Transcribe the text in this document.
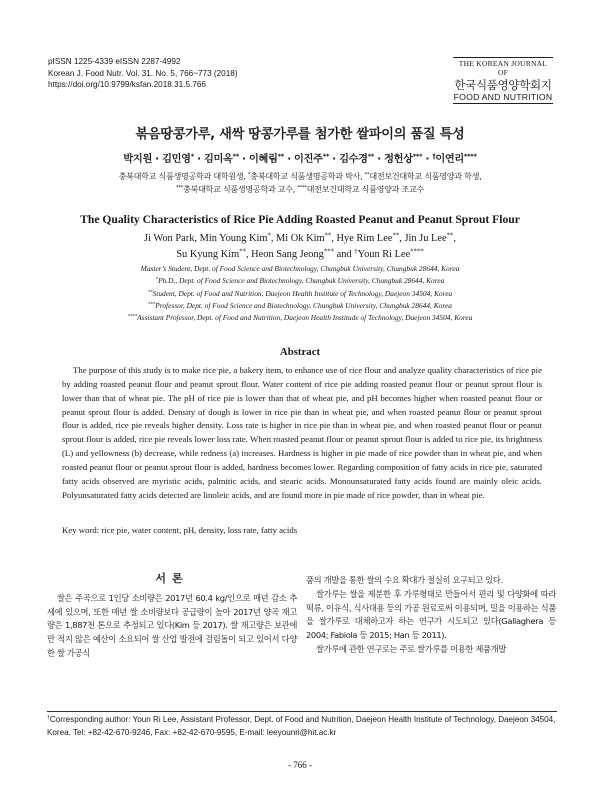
pISSN 1225-4339 eISSN 2287-4992
Korean J. Food Nutr. Vol. 31. No. 5, 766~773 (2018)
https://doi.org/10.9799/ksfan.2018.31.5.766
THE KOREAN JOURNAL OF
한국식품영양학회지
FOOD AND NUTRITION
볶음땅콩가루, 새싹 땅콩가루를 첨가한 쌀파이의 품질 특성
박지원 · 김민영* · 김미옥** · 이혜림** · 이진주** · 김수경** · 정헌상*** · †이연리****
충북대학교 식품생명공학과 대학원생, *충북대학교 식품생명공학과 박사, **대전보건대학교 식품영양과 학생,
***충북대학교 식품생명공학과 교수, ****대전보건대학교 식품영양과 조교수
The Quality Characteristics of Rice Pie Adding Roasted Peanut and Peanut Sprout Flour
Ji Won Park, Min Young Kim*, Mi Ok Kim**, Hye Rim Lee**, Jin Ju Lee**,
Su Kyung Kim**, Heon Sang Jeong*** and †Youn Ri Lee****
Master’s Student, Dept. of Food Science and Biotechnology, Chungbuk University, Chungbuk 28644, Korea
*Ph.D., Dept. of Food Science and Biotechnology, Chungbuk University, Chungbuk 28644, Korea
**Student, Dept. of Food and Nutrition, Daejeon Health Institute of Technology, Daejeon 34504, Korea
***Professor, Dept. of Food Science and Biotechnology, Chungbuk University, Chungbuk 28644, Korea
****Assistant Professor, Dept. of Food and Nutrition, Daejeon Health Institude of Technology, Daejeon 34504, Korea
Abstract

The purpose of this study is to make rice pie, a bakery item, to enhance use of rice flour and analyze quality characteristics of rice pie by adding roasted peanut flour and peanut sprout flour. Water content of rice pie adding roasted peanut flour or peanut sprout flour is lower than that of wheat pie. The pH of rice pie is lower than that of wheat pie, and pH becomes higher when roasted peanut flour or peanut sprout flour is added. Density of dough is lower in rice pie than in wheat pie, and when roasted peanut flour or peanut sprout flour is added, rice pie reveals higher density. Loss rate is higher in rice pie than in wheat pie, and when roasted peanut flour or peanut sprout flour is added, rice pie reveals lower loss rate. When roasted peanut flour or peanut sprout flour is added to rice pie, its brightness (L) and yellowness (b) decrease, while redness (a) increases. Hardness is higher in pie made of rice powder than in wheat pie, and when roasted peanut flour or peanut sprout flour is added, hardness becomes lower. Regarding composition of fatty acids in rice pie, saturated fatty acids observed are myristic acids, palmitic acids, and stearic acids. Monounsaturated fatty acids found are mainly oleic acids. Polyunsaturated fatty acids detected are linoleic acids, and are found more in pie made of rice powder, than in wheat pie.

Key word: rice pie, water content, pH, density, loss rate, fatty acids
서론

쌀은 주곡으로 1인당 소비량은 2017년 60.4 kg/인으로 매년 감소 추세에 있으며, 또한 매년 쌀 소비량보다 공급량이 높아 2017년 양곡 재고량은 1,887천 톤으로 추정되고 있다(Kim 등 2017). 쌀 재고량은 보관에만 적지 않은 예산이 소요되어 쌀 산업 발전에 걸림돌이 되고 있어서 다양한 쌀 가공식

품의 개발을 통한 쌀의 수요 확대가 절실히 요구되고 있다.

쌀가루는 쌀을 제분한 후 가루형태로 만들어서 편리 및 다양화에 따라 떡류, 이유식, 식사대용 등의 가공 원료로써 이용되며, 밀을 이용하는 식품을 쌀가루로 대체하고자 하는 연구가 시도되고 있다(Gallaghera 등 2004; Fabiola 등 2015; Han 등 2011).

쌀가루에 관한 연구로는 주로 쌀가루를 이용한 제품개발

†Corresponding author: Youn Ri Lee, Assistant Professor, Dept. of Food and Nutrition, Daejeon Health Institute of Technology, Daejeon 34504, Korea. Tel: +82-42-670-9246, Fax: +82-42-670-9595, E-mail: leeyounri@hit.ac.kr
- 766 -
